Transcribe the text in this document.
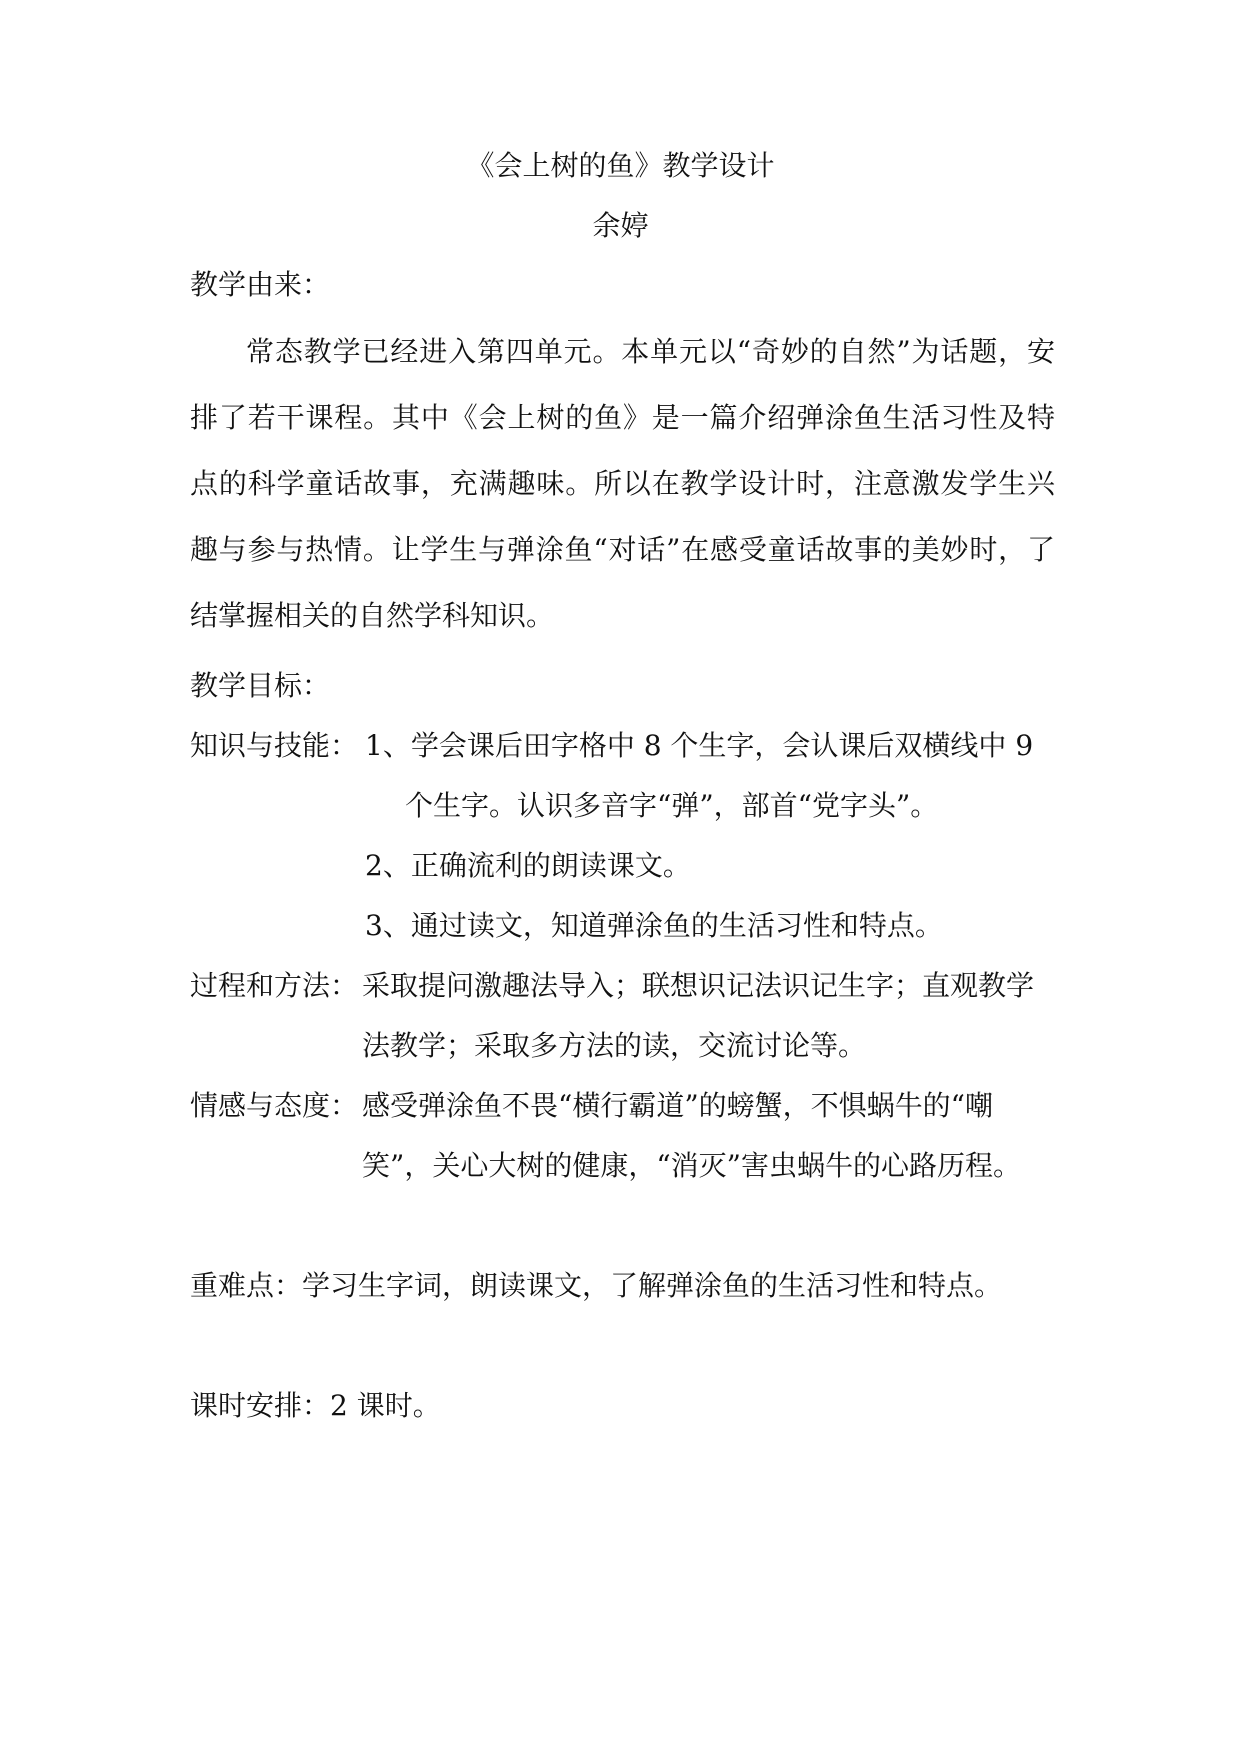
《会上树的鱼》教学设计
余婷
教学由来：
常态教学已经进入第四单元。本单元以“奇妙的自然”为话题，安排了若干课程。其中《会上树的鱼》是一篇介绍弹涂鱼生活习性及特点的科学童话故事，充满趣味。所以在教学设计时，注意激发学生兴趣与参与热情。让学生与弹涂鱼“对话”在感受童话故事的美妙时，了结掌握相关的自然学科知识。
教学目标：
知识与技能： 1、学会课后田字格中 8 个生字，会认课后双横线中 9
个生字。认识多音字“弹”，部首“党字头”。
2、正确流利的朗读课文。
3、通过读文，知道弹涂鱼的生活习性和特点。
过程和方法： 采取提问激趣法导入；联想识记法识记生字；直观教学
法教学；采取多方法的读，交流讨论等。
情感与态度： 感受弹涂鱼不畏“横行霸道”的螃蟹，不惧蜗牛的“嘲
笑”，关心大树的健康，“消灭”害虫蜗牛的心路历程。
重难点：学习生字词，朗读课文，了解弹涂鱼的生活习性和特点。
课时安排：2 课时。
